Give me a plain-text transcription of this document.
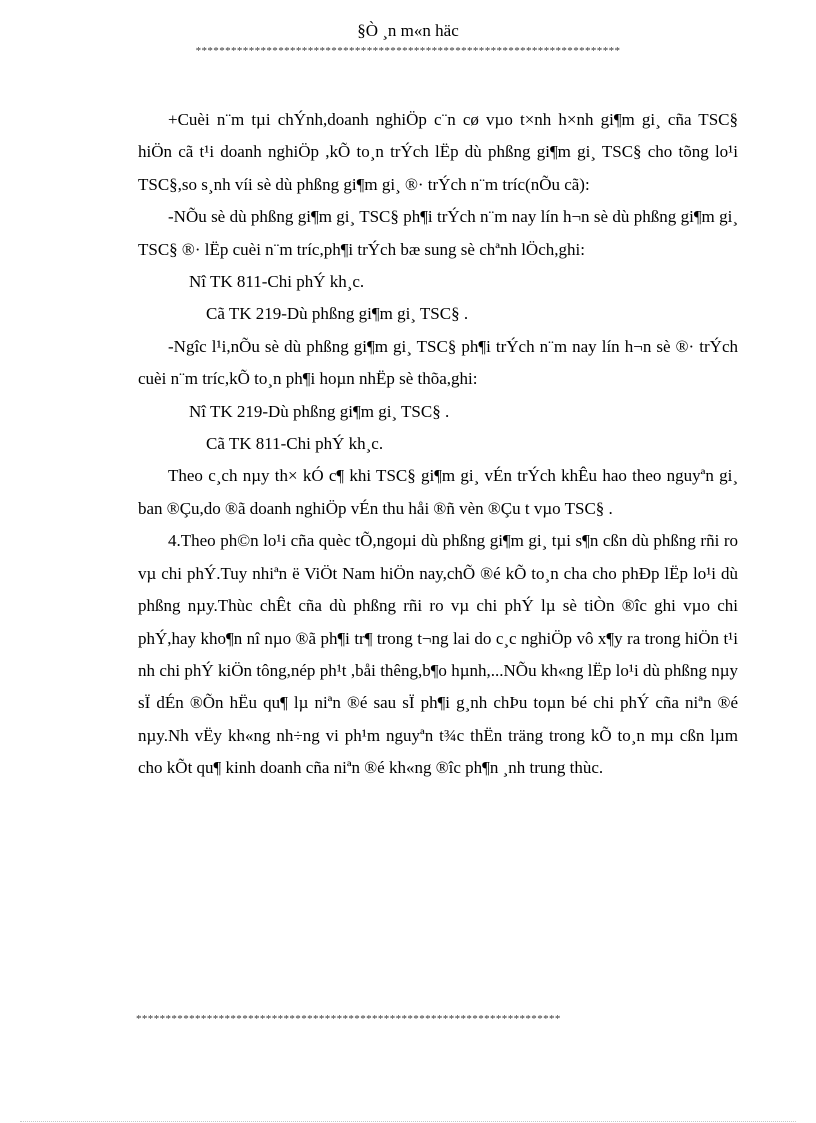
§Ò ¸n m«n häc
************************************************************************

+Cuèi n¨m tµi chÝnh,doanh nghiÖp c¨n cø vµo t×nh h×nh gi¶m gi¸ cña TSC§ hiÖn cã t¹i doanh nghiÖp ,kÕ to¸n trÝch lËp dù phßng gi¶m gi¸ TSC§ cho tõng lo¹i TSC§,so s¸nh víi sè dù phßng gi¶m gi¸ ®· trÝch n¨m tríc(nÕu cã):

-NÕu sè dù phßng gi¶m gi¸ TSC§ ph¶i trÝch n¨m nay lín h¬n sè dù phßng gi¶m gi¸ TSC§ ®· lËp cuèi n¨m tríc,ph¶i trÝch bæ sung sè chªnh lÖch,ghi:

Nî TK 811-Chi phÝ kh¸c.

Cã TK 219-Dù phßng gi¶m gi¸ TSC§ .

-Ngîc l¹i,nÕu sè dù phßng gi¶m gi¸ TSC§ ph¶i trÝch n¨m nay lín h¬n sè ®· trÝch cuèi n¨m tríc,kÕ to¸n ph¶i hoµn nhËp sè thõa,ghi:

Nî TK 219-Dù phßng gi¶m gi¸ TSC§ .

Cã TK 811-Chi phÝ kh¸c.

Theo c¸ch nµy th× kÓ c¶ khi TSC§ gi¶m gi¸ vÉn trÝch khÊu hao theo nguyªn gi¸ ban ®Çu,do ®ã doanh nghiÖp vÉn thu håi ®ñ vèn ®Çu t vµo TSC§ .

4.Theo ph©n lo¹i cña quèc tÕ,ngoµi dù phßng gi¶m gi¸ tµi s¶n cßn dù phßng rñi ro vµ chi phÝ.Tuy nhiªn ë ViÖt Nam hiÖn nay,chÕ ®é kÕ to¸n cha cho phÐp lËp lo¹i dù phßng nµy.Thùc chÊt cña dù phßng rñi ro vµ chi phÝ lµ sè tiÒn ®îc ghi vµo chi phÝ,hay kho¶n nî nµo ®ã ph¶i tr¶ trong t¬ng lai do c¸c nghiÖp vô x¶y ra trong hiÖn t¹i nh chi phÝ kiÖn tông,nép ph¹t ,båi thêng,b¶o hµnh,...NÕu kh«ng lËp lo¹i dù phßng nµy sÏ dÉn ®Õn hËu qu¶ lµ niªn ®é sau sÏ ph¶i g¸nh chÞu toµn bé chi phÝ cña niªn ®é nµy.Nh vËy kh«ng nh÷ng vi ph¹m nguyªn t¾c thËn träng trong kÕ to¸n mµ cßn lµm cho kÕt qu¶ kinh doanh cña niªn ®é kh«ng ®îc ph¶n ¸nh trung thùc.

************************************************************************
